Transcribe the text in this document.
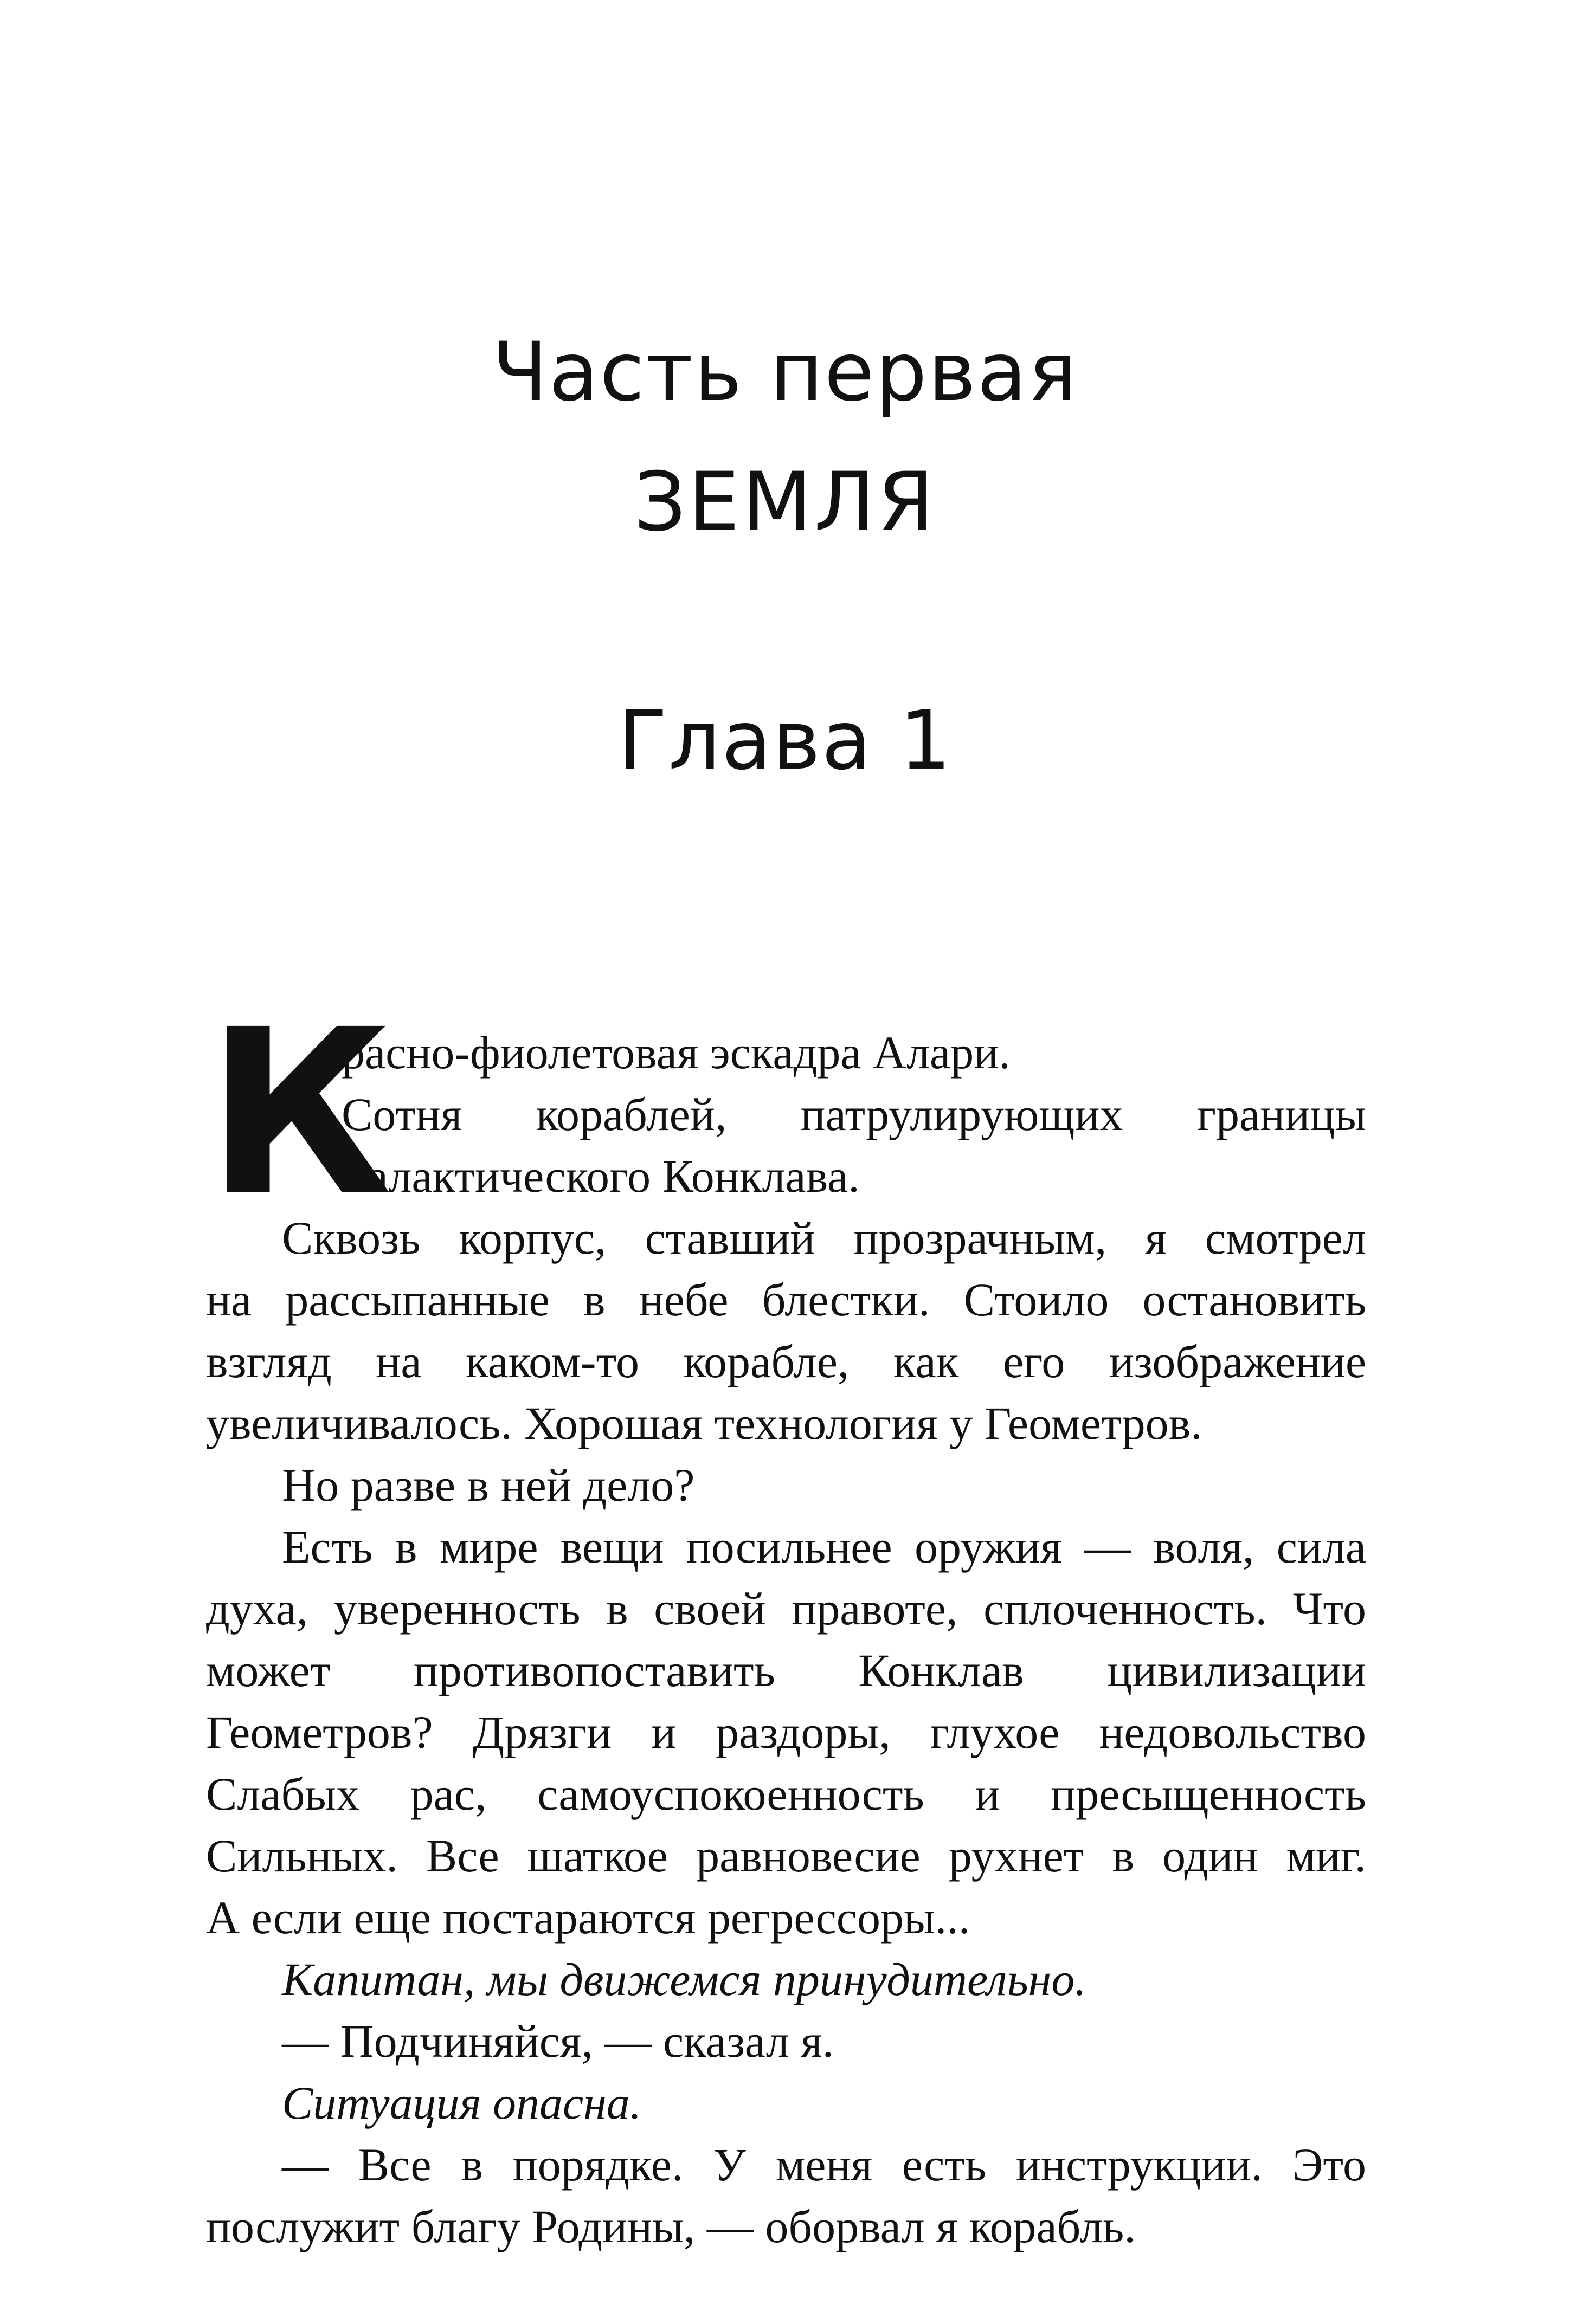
Часть первая
ЗЕМЛЯ
Глава 1
К
расно-фиолетовая эскадра Алари.
Сотня кораблей, патрулирующих границы
Галактического Конклава.
Сквозь корпус, ставший прозрачным, я смотрел
на рассыпанные в небе блестки. Стоило остановить
взгляд на каком-то корабле, как его изображение
увеличивалось. Хорошая технология у Геометров.
Но разве в ней дело?
Есть в мире вещи посильнее оружия — воля, сила
духа, уверенность в своей правоте, сплоченность. Что
может противопоставить Конклав цивилизации
Геометров? Дрязги и раздоры, глухое недовольство
Слабых рас, самоуспокоенность и пресыщенность
Сильных. Все шаткое равновесие рухнет в один миг.
А если еще постараются регрессоры...
Капитан, мы движемся принудительно.
— Подчиняйся, — сказал я.
Ситуация опасна.
— Все в порядке. У меня есть инструкции. Это
послужит благу Родины, — оборвал я корабль.
